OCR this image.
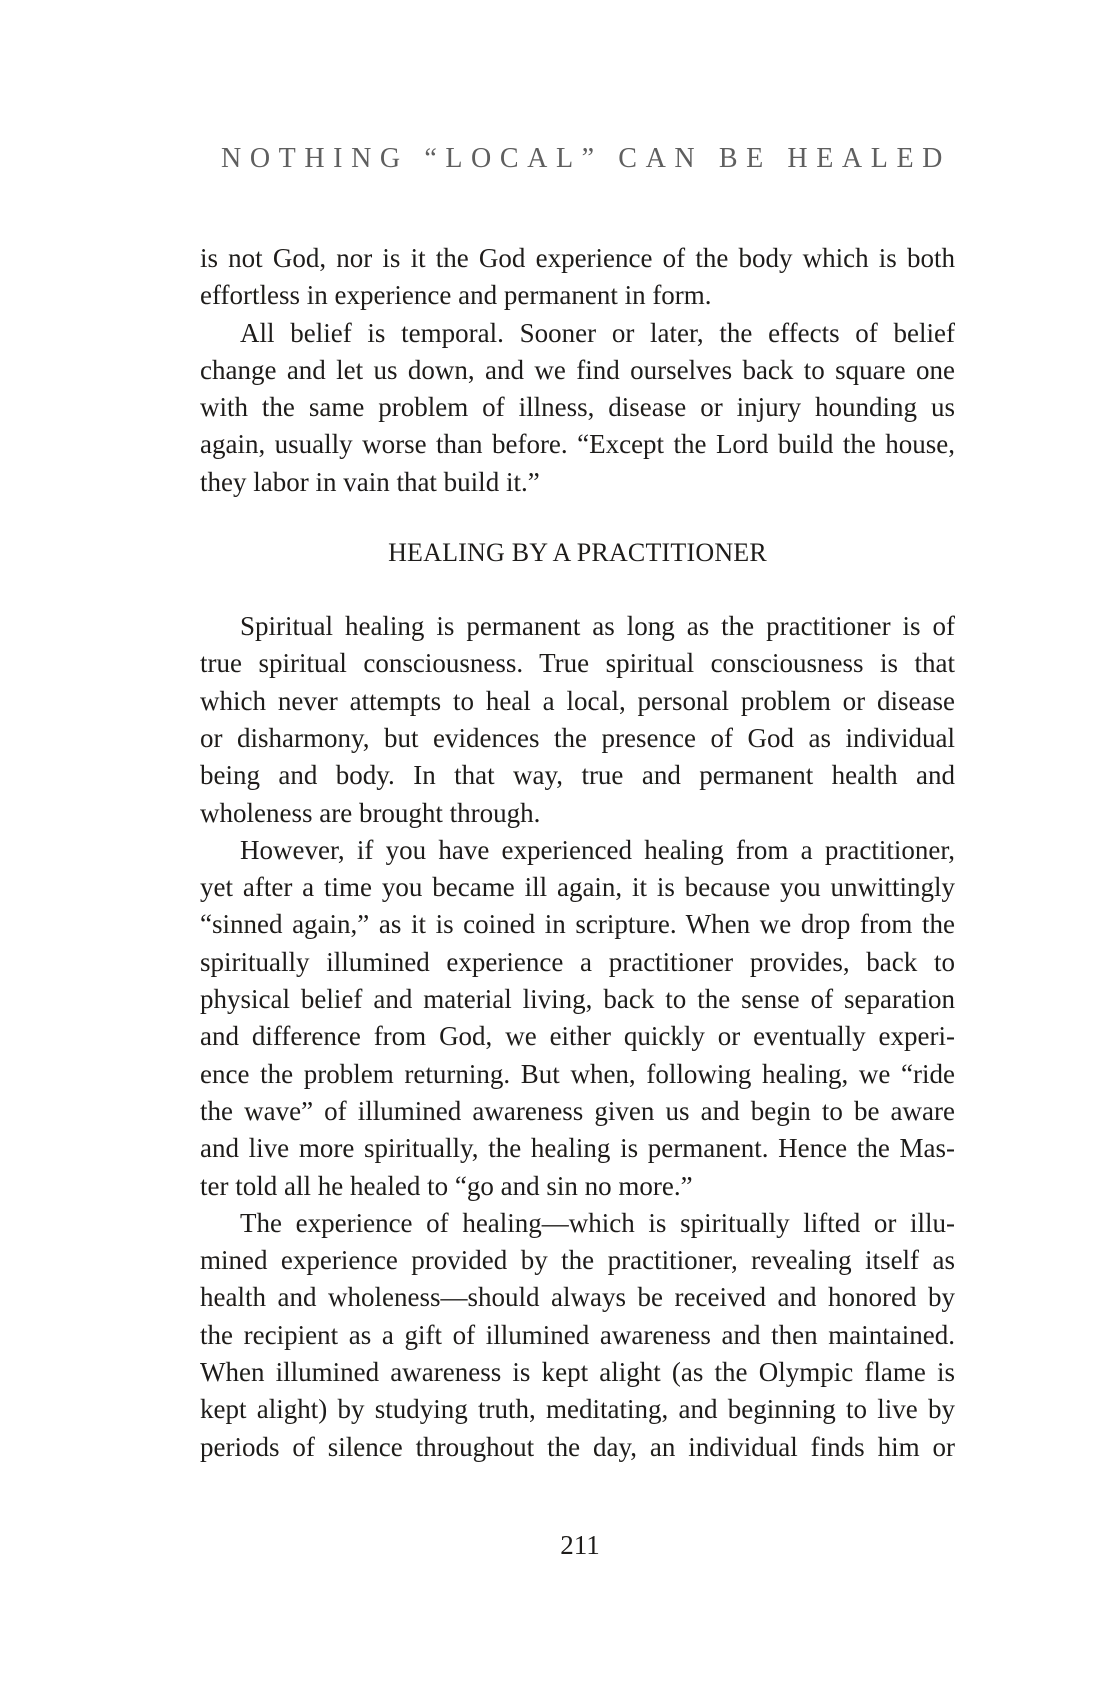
NOTHING “LOCAL” CAN BE HEALED
is not God, nor is it the God experience of the body which is both
effortless in experience and permanent in form.
All belief is temporal. Sooner or later, the effects of belief
change and let us down, and we find ourselves back to square one
with the same problem of illness, disease or injury hounding us
again, usually worse than before. “Except the Lord build the house,
they labor in vain that build it.”
HEALING BY A PRACTITIONER
Spiritual healing is permanent as long as the practitioner is of
true spiritual consciousness. True spiritual consciousness is that
which never attempts to heal a local, personal problem or disease
or disharmony, but evidences the presence of God as individual
being and body. In that way, true and permanent health and
wholeness are brought through.
However, if you have experienced healing from a practitioner,
yet after a time you became ill again, it is because you unwittingly
“sinned again,” as it is coined in scripture. When we drop from the
spiritually illumined experience a practitioner provides, back to
physical belief and material living, back to the sense of separation
and difference from God, we either quickly or eventually experi-
ence the problem returning. But when, following healing, we “ride
the wave” of illumined awareness given us and begin to be aware
and live more spiritually, the healing is permanent. Hence the Mas-
ter told all he healed to “go and sin no more.”
The experience of healing—which is spiritually lifted or illu-
mined experience provided by the practitioner, revealing itself as
health and wholeness—should always be received and honored by
the recipient as a gift of illumined awareness and then maintained.
When illumined awareness is kept alight (as the Olympic flame is
kept alight) by studying truth, meditating, and beginning to live by
periods of silence throughout the day, an individual finds him or
211
